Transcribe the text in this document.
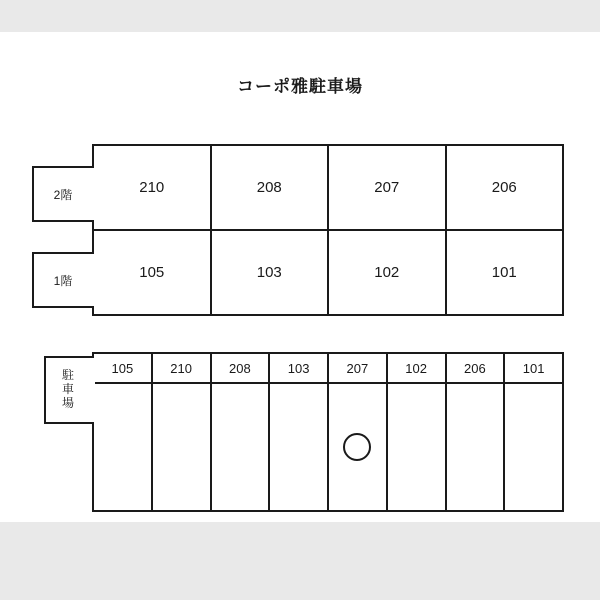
コーポ雅駐車場
210	208	207	206
105	103	102	101
2階
1階
105	210	208	103	207	102	206	101
駐
車
場
